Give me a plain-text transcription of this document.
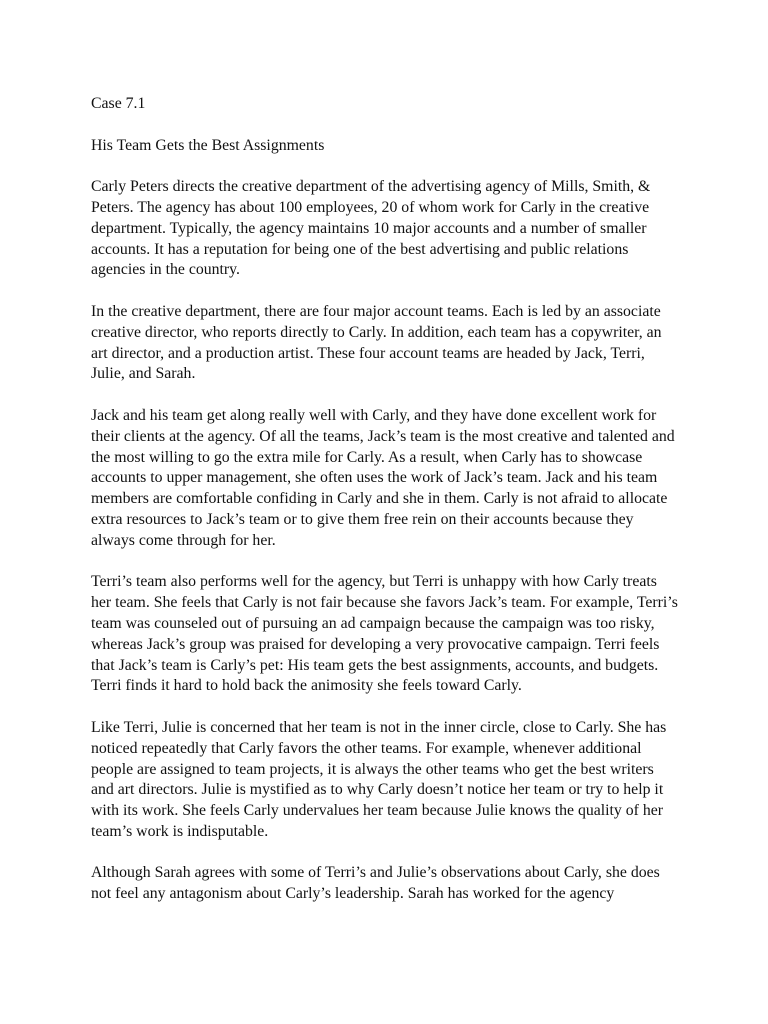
Case 7.1

His Team Gets the Best Assignments

Carly Peters directs the creative department of the advertising agency of Mills, Smith, & Peters. The agency has about 100 employees, 20 of whom work for Carly in the creative department. Typically, the agency maintains 10 major accounts and a number of smaller accounts. It has a reputation for being one of the best advertising and public relations agencies in the country.

In the creative department, there are four major account teams. Each is led by an associate creative director, who reports directly to Carly. In addition, each team has a copywriter, an art director, and a production artist. These four account teams are headed by Jack, Terri, Julie, and Sarah.

Jack and his team get along really well with Carly, and they have done excellent work for their clients at the agency. Of all the teams, Jack’s team is the most creative and talented and the most willing to go the extra mile for Carly. As a result, when Carly has to showcase accounts to upper management, she often uses the work of Jack’s team. Jack and his team members are comfortable confiding in Carly and she in them. Carly is not afraid to allocate extra resources to Jack’s team or to give them free rein on their accounts because they always come through for her.

Terri’s team also performs well for the agency, but Terri is unhappy with how Carly treats her team. She feels that Carly is not fair because she favors Jack’s team. For example, Terri’s team was counseled out of pursuing an ad campaign because the campaign was too risky, whereas Jack’s group was praised for developing a very provocative campaign. Terri feels that Jack’s team is Carly’s pet: His team gets the best assignments, accounts, and budgets. Terri finds it hard to hold back the animosity she feels toward Carly.

Like Terri, Julie is concerned that her team is not in the inner circle, close to Carly. She has noticed repeatedly that Carly favors the other teams. For example, whenever additional people are assigned to team projects, it is always the other teams who get the best writers and art directors. Julie is mystified as to why Carly doesn’t notice her team or try to help it with its work. She feels Carly undervalues her team because Julie knows the quality of her team’s work is indisputable.

Although Sarah agrees with some of Terri’s and Julie’s observations about Carly, she does not feel any antagonism about Carly’s leadership. Sarah has worked for the agency
